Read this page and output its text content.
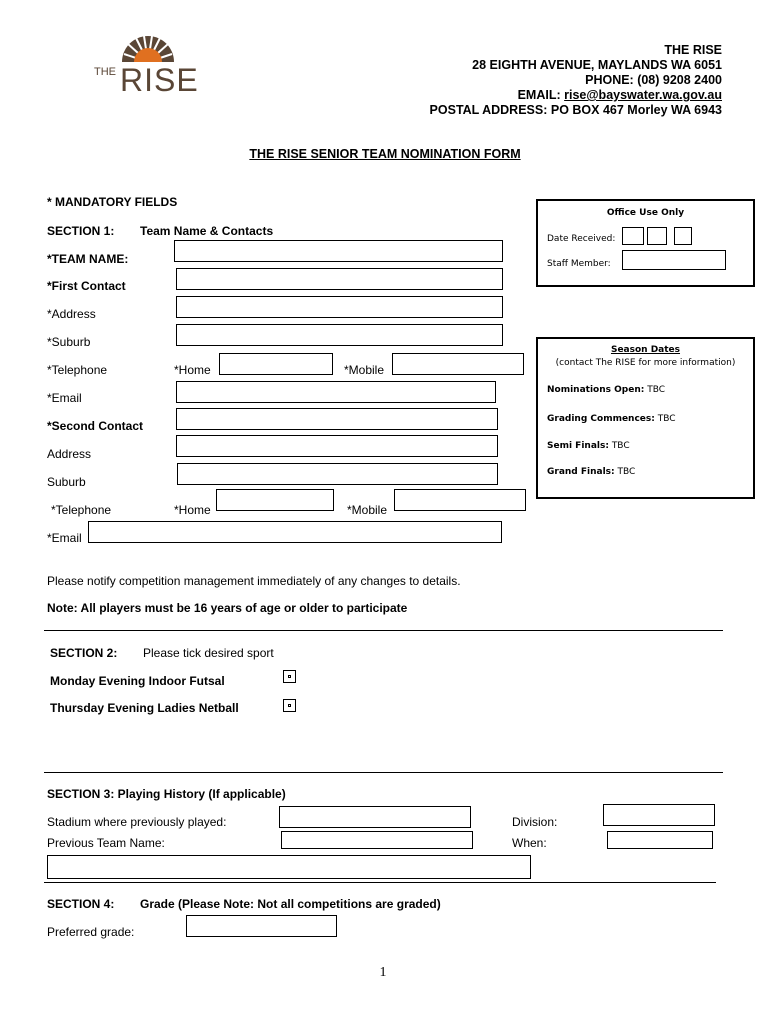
THE RISE
THE RISE
28 EIGHTH AVENUE, MAYLANDS WA 6051
PHONE: (08) 9208 2400
EMAIL: rise@bayswater.wa.gov.au
POSTAL ADDRESS: PO BOX 467 Morley WA 6943
THE RISE SENIOR TEAM NOMINATION FORM
* MANDATORY FIELDS
Office Use Only
Date Received:
Staff Member:
Season Dates
(contact The RISE for more information)
Nominations Open: TBC
Grading Commences: TBC
Semi Finals: TBC
Grand Finals: TBC
SECTION 1: Team Name & Contacts
*TEAM NAME:
*First Contact
*Address
*Suburb
*Telephone	*Home	*Mobile
*Email
*Second Contact
Address
Suburb
*Telephone	*Home	*Mobile
*Email
Please notify competition management immediately of any changes to details.
Note: All players must be 16 years of age or older to participate
SECTION 2: Please tick desired sport
Monday Evening Indoor Futsal
Thursday Evening Ladies Netball
SECTION 3: Playing History (If applicable)
Stadium where previously played:	Division:
Previous Team Name:	When:
SECTION 4: Grade (Please Note: Not all competitions are graded)
Preferred grade:
1
